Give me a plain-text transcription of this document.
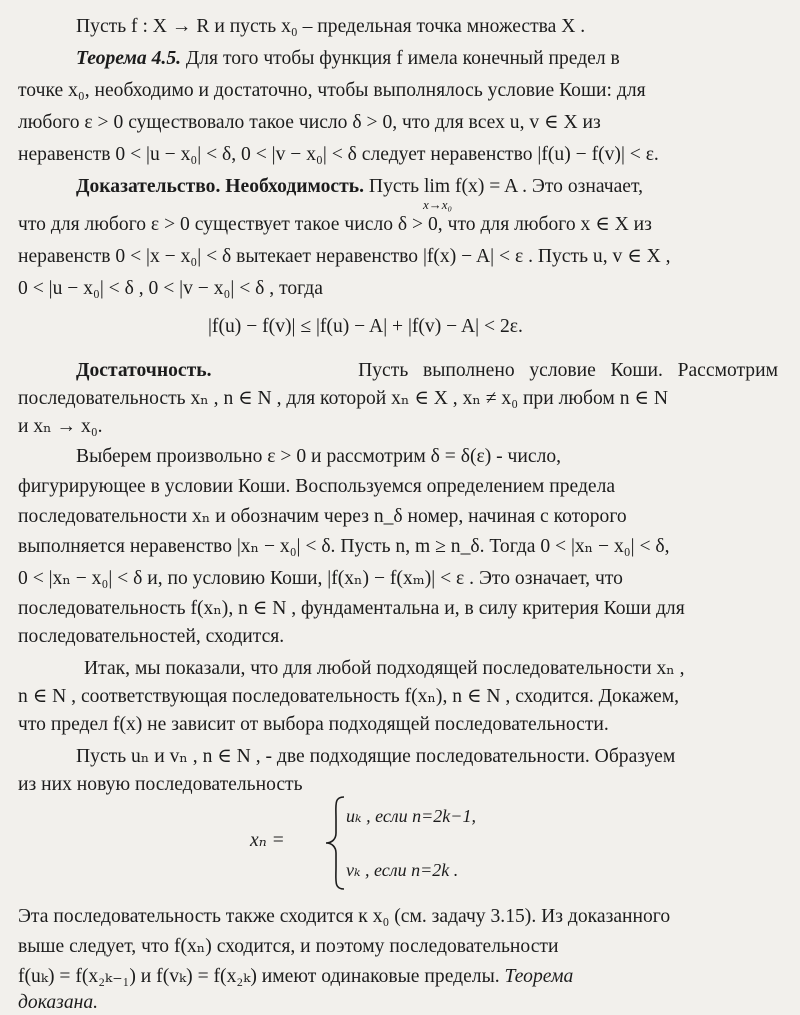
Пусть f : X → R и пусть x₀ – предельная точка множества X .
Теорема 4.5. Для того чтобы функция f имела конечный предел в
точке x₀, необходимо и достаточно, чтобы выполнялось условие Коши: для
любого ε > 0 существовало такое число δ > 0, что для всех u, v ∈ X из
неравенств 0 < |u − x₀| < δ, 0 < |v − x₀| < δ следует неравенство |f(u) − f(v)| < ε.
Доказательство. Необходимость. Пусть lim f(x) = A . Это означает,
x→x₀
что для любого ε > 0 существует такое число δ > 0, что для любого x ∈ X из
неравенств 0 < |x − x₀| < δ вытекает неравенство |f(x) − A| < ε . Пусть u, v ∈ X ,
0 < |u − x₀| < δ , 0 < |v − x₀| < δ , тогда
|f(u) − f(v)| ≤ |f(u) − A| + |f(v) − A| < 2ε.
Достаточность.	Пусть   выполнено   условие   Коши.   Рассмотрим
последовательность xₙ , n ∈ N , для которой xₙ ∈ X , xₙ ≠ x₀ при любом n ∈ N
и xₙ → x₀.
Выберем произвольно ε > 0 и рассмотрим δ = δ(ε) - число,
фигурирующее в условии Коши. Воспользуемся определением предела
последовательности xₙ и обозначим через n_δ номер, начиная с которого
выполняется неравенство |xₙ − x₀| < δ. Пусть n, m ≥ n_δ. Тогда 0 < |xₙ − x₀| < δ,
0 < |xₙ − x₀| < δ и, по условию Коши, |f(xₙ) − f(xₘ)| < ε . Это означает, что
последовательность f(xₙ), n ∈ N , фундаментальна и, в силу критерия Коши для
последовательностей, сходится.
Итак, мы показали, что для любой подходящей последовательности xₙ ,
n ∈ N , соответствующая последовательность f(xₙ), n ∈ N , сходится. Докажем,
что предел f(x) не зависит от выбора подходящей последовательности.
Пусть uₙ и vₙ , n ∈ N , - две подходящие последовательности. Образуем
из них новую последовательность
xₙ =
uₖ , если n=2k−1,
vₖ , если n=2k .
Эта последовательность также сходится к x₀ (см. задачу 3.15). Из доказанного
выше следует, что f(xₙ) сходится, и поэтому последовательности
f(uₖ) = f(x₂ₖ₋₁) и f(vₖ) = f(x₂ₖ) имеют одинаковые пределы. Теорема
доказана.
